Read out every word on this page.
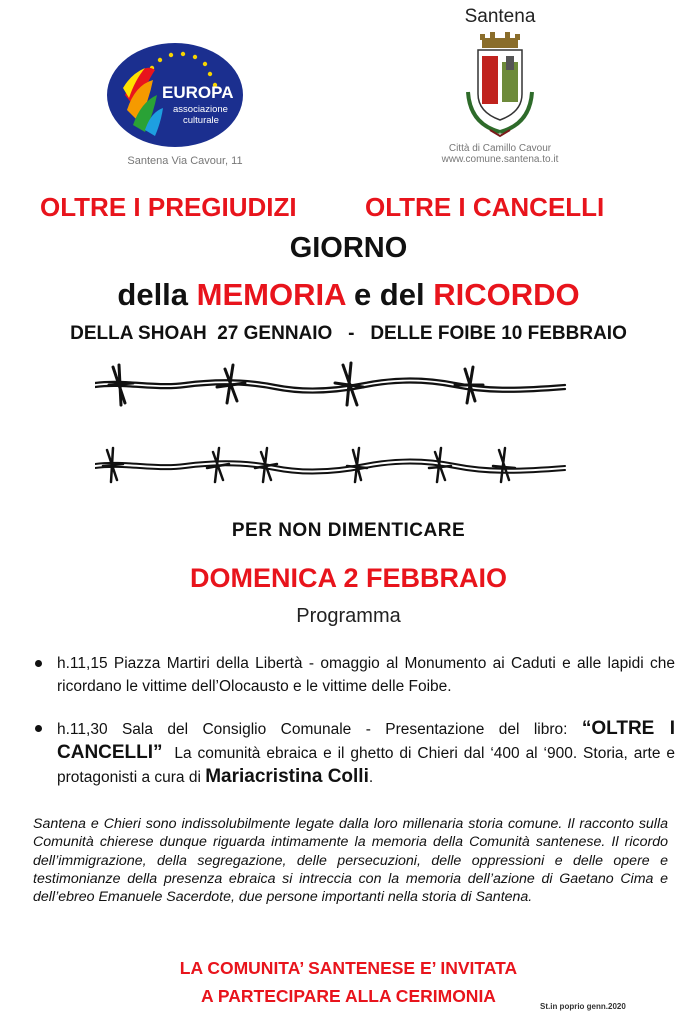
EUROPA
associazione
culturale
Santena Via Cavour, 11
Santena
Città di Camillo Cavour
www.comune.santena.to.it
OLTRE I PREGIUDIZI	OLTRE I CANCELLI
GIORNO
della MEMORIA e del RICORDO
DELLA SHOAH  27 GENNAIO   -   DELLE FOIBE 10 FEBBRAIO
PER NON DIMENTICARE
DOMENICA 2 FEBBRAIO
Programma
h.11,15 Piazza Martiri della Libertà - omaggio al Monumento ai Caduti e alle lapidi che ricordano le vittime dell’Olocausto e le vittime delle Foibe.
h.11,30 Sala del Consiglio Comunale - Presentazione del libro: “OLTRE I CANCELLI”  La comunità ebraica e il ghetto di Chieri dal ‘400 al ‘900. Storia, arte e protagonisti a cura di Mariacristina Colli.
Santena e Chieri sono indissolubilmente legate dalla loro millenaria storia comune. Il racconto sulla Comunità chierese dunque riguarda intimamente la memoria della Comunità santenese. Il ricordo dell’immigrazione, della segregazione, delle persecuzioni, delle oppressioni e delle opere e testimonianze della presenza ebraica si intreccia con la memoria dell’azione di Gaetano Cima e dell’ebreo Emanuele Sacerdote, due persone importanti nella storia di Santena.
LA COMUNITA’ SANTENESE E’ INVITATA
A PARTECIPARE ALLA CERIMONIA
St.in poprio genn.2020
